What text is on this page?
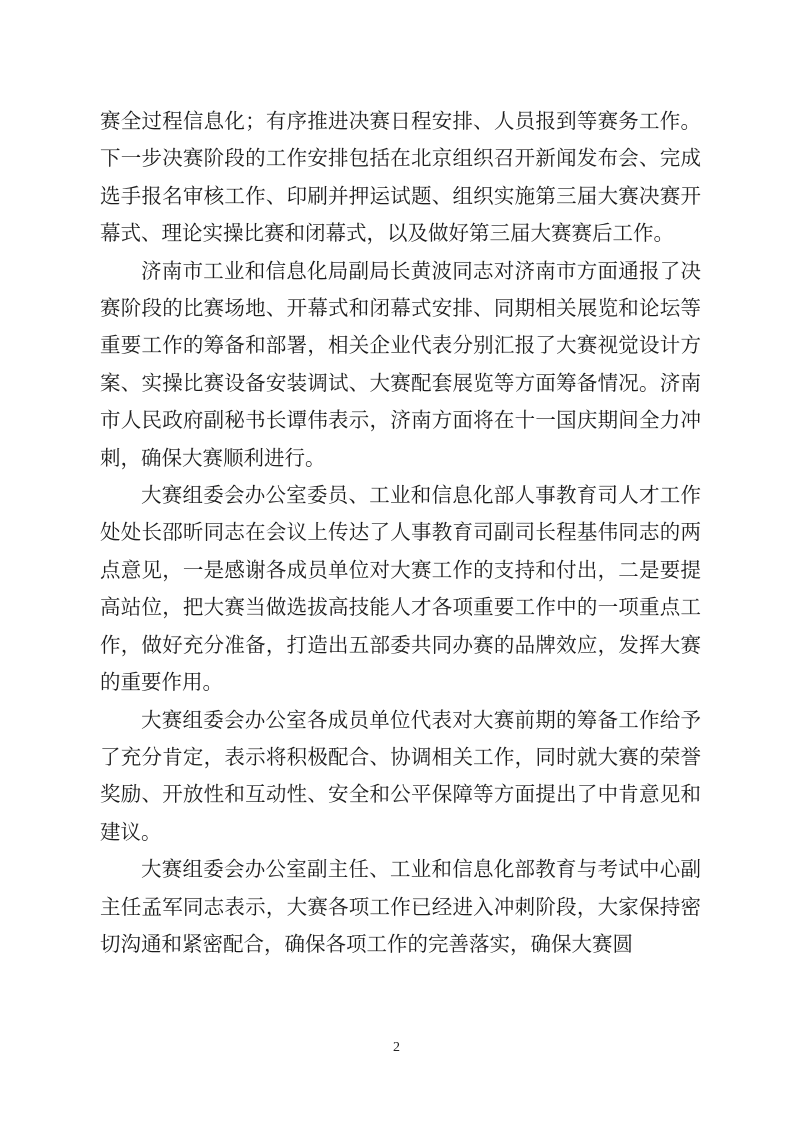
赛全过程信息化；有序推进决赛日程安排、人员报到等赛务工作。下一步决赛阶段的工作安排包括在北京组织召开新闻发布会、完成选手报名审核工作、印刷并押运试题、组织实施第三届大赛决赛开幕式、理论实操比赛和闭幕式，以及做好第三届大赛赛后工作。

济南市工业和信息化局副局长黄波同志对济南市方面通报了决赛阶段的比赛场地、开幕式和闭幕式安排、同期相关展览和论坛等重要工作的筹备和部署，相关企业代表分别汇报了大赛视觉设计方案、实操比赛设备安装调试、大赛配套展览等方面筹备情况。济南市人民政府副秘书长谭伟表示，济南方面将在十一国庆期间全力冲刺，确保大赛顺利进行。

大赛组委会办公室委员、工业和信息化部人事教育司人才工作处处长邵昕同志在会议上传达了人事教育司副司长程基伟同志的两点意见，一是感谢各成员单位对大赛工作的支持和付出，二是要提高站位，把大赛当做选拔高技能人才各项重要工作中的一项重点工作，做好充分准备，打造出五部委共同办赛的品牌效应，发挥大赛的重要作用。

大赛组委会办公室各成员单位代表对大赛前期的筹备工作给予了充分肯定，表示将积极配合、协调相关工作，同时就大赛的荣誉奖励、开放性和互动性、安全和公平保障等方面提出了中肯意见和建议。

大赛组委会办公室副主任、工业和信息化部教育与考试中心副主任孟军同志表示，大赛各项工作已经进入冲刺阶段，大家保持密切沟通和紧密配合，确保各项工作的完善落实，确保大赛圆

2
